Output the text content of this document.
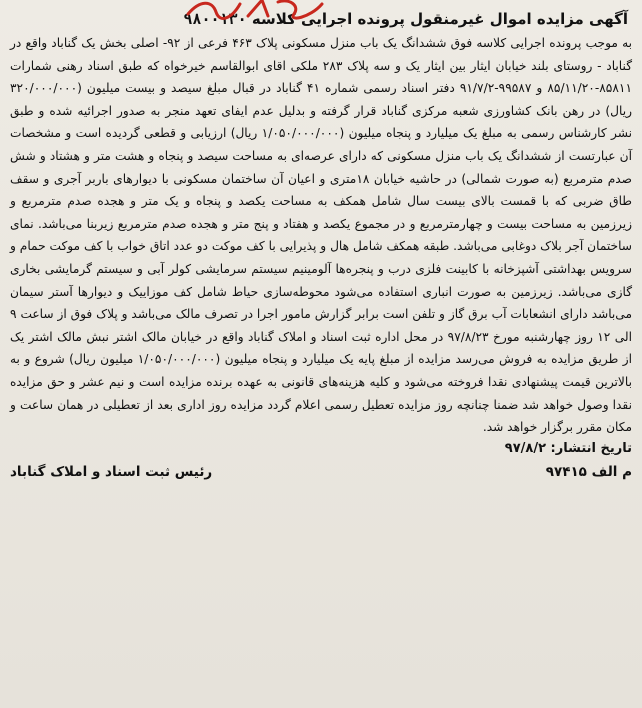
آگهی مزایده اموال غیرمنقول پرونده اجرایی کلاسه ۹۸۰۰۱۳۰

به موجب پرونده اجرایی کلاسه فوق ششدانگ یک باب منزل مسکونی پلاک ۴۶۳ فرعی از ۹۲- اصلی بخش یک گناباد واقع در گناباد - روستای بلند خیابان ایثار بین ایثار یک و سه پلاک ۲۸۳ ملکی اقای ابوالقاسم خیرخواه که طبق اسناد رهنی شمارات ۸۵۸۱۱-۸۵/۱۱/۲۰ و ۹۹۵۸۷-۹۱/۷/۲ دفتر اسناد رسمی شماره ۴۱ گناباد در قبال مبلغ سیصد و بیست میلیون (۳۲۰/۰۰۰/۰۰۰ ریال) در رهن بانک کشاورزی شعبه مرکزی گناباد قرار گرفته و بدلیل عدم ایفای تعهد منجر به صدور اجرائیه شده و طبق نشر کارشناس رسمی به مبلغ یک میلیارد و پنجاه میلیون (۱/۰۵۰/۰۰۰/۰۰۰ ریال) ارزیابی و قطعی گردیده است و مشخصات آن عبارتست از ششدانگ یک باب منزل مسکونی که دارای عرصه‌ای به مساحت سیصد و پنجاه و هشت متر و هشتاد و شش صدم مترمربع (به صورت شمالی) در حاشیه خیابان ۱۸متری و اعیان آن ساختمان مسکونی با دیوارهای باربر آجری و سقف طاق ضربی که با قمست بالای بیست سال شامل همکف به مساحت یکصد و پنجاه و یک متر و هجده صدم مترمربع و زیرزمین به مساحت بیست و چهارمترمربع و در مجموع یکصد و هفتاد و پنج متر و هجده صدم مترمربع زیربنا می‌باشد. نمای ساختمان آجر بلاک دوغابی می‌باشد. طبقه همکف شامل هال و پذیرایی با کف موکت دو عدد اتاق خواب با کف موکت حمام و سرویس بهداشتی آشپزخانه با کابینت فلزی درب و پنجره‌ها آلومینیم سیستم سرمایشی کولر آبی و سیستم گرمایشی بخاری گازی می‌باشد. زیرزمین به صورت انباری استفاده می‌شود محوطه‌سازی حیاط شامل کف موزاییک و دیوارها آستر سیمان می‌باشد دارای انشعابات آب برق گاز و تلفن است برابر گزارش مامور اجرا در تصرف مالک می‌باشد و پلاک فوق از ساعت ۹ الی ۱۲ روز چهارشنبه مورخ ۹۷/۸/۲۳ در محل اداره ثبت اسناد و املاک گناباد واقع در خیابان مالک اشتر نبش مالک اشتر یک از طریق مزایده به فروش می‌رسد مزایده از مبلغ پایه یک میلیارد و پنجاه میلیون (۱/۰۵۰/۰۰۰/۰۰۰ میلیون ریال) شروع و به بالاترین قیمت پیشنهادی نقدا فروخته می‌شود و کلیه هزینه‌های قانونی به عهده برنده مزایده است و نیم عشر و حق مزایده نقدا وصول خواهد شد ضمنا چنانچه روز مزایده تعطیل رسمی اعلام گردد مزایده روز اداری بعد از تعطیلی در همان ساعت و مکان مقرر برگزار خواهد شد.

تاریخ انتشار: ۹۷/۸/۲
م الف ۹۷۴۱۵
رئیس ثبت اسناد و املاک گناباد
